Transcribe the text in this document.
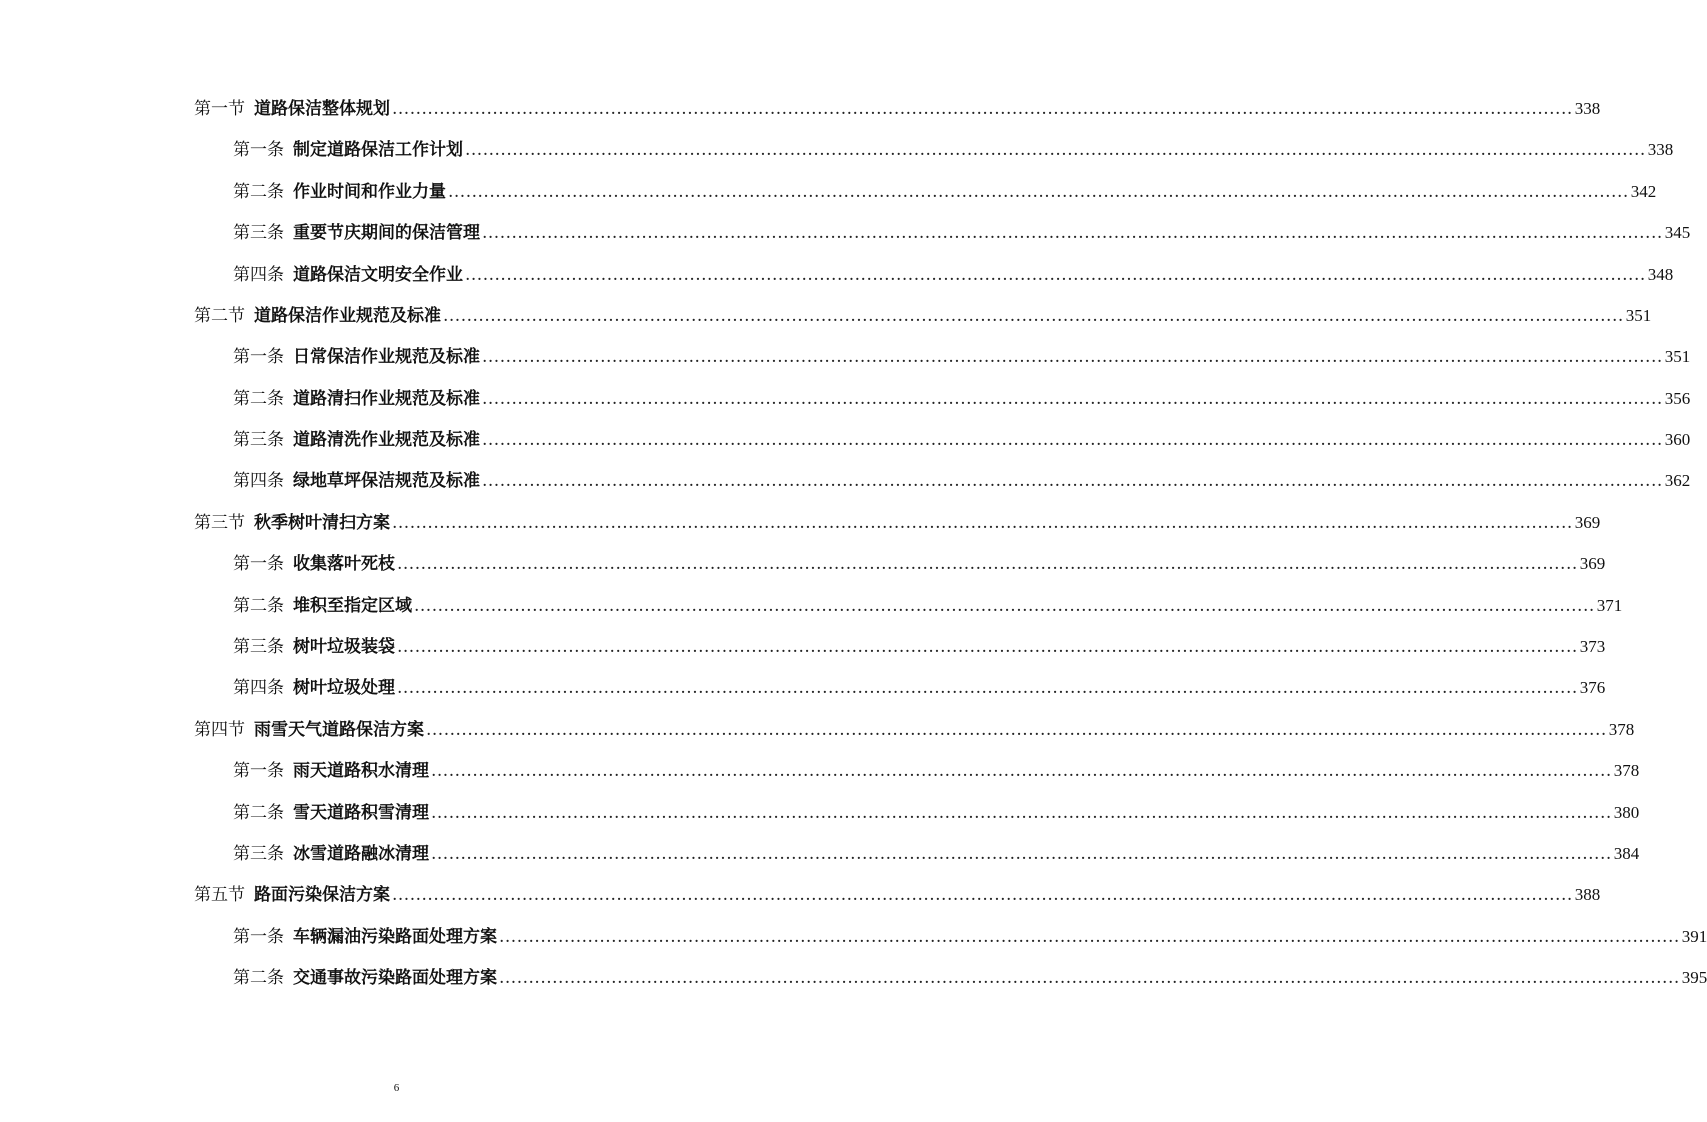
第一节 道路保洁整体规划 ........................................................................................................................................................................................................ 338
第一条 制定道路保洁工作计划 ........................................................................................................................................................................................................ 338
第二条 作业时间和作业力量 ........................................................................................................................................................................................................ 342
第三条 重要节庆期间的保洁管理 ........................................................................................................................................................................................................ 345
第四条 道路保洁文明安全作业 ........................................................................................................................................................................................................ 348
第二节 道路保洁作业规范及标准 ........................................................................................................................................................................................................ 351
第一条 日常保洁作业规范及标准 ........................................................................................................................................................................................................ 351
第二条 道路清扫作业规范及标准 ........................................................................................................................................................................................................ 356
第三条 道路清洗作业规范及标准 ........................................................................................................................................................................................................ 360
第四条 绿地草坪保洁规范及标准 ........................................................................................................................................................................................................ 362
第三节 秋季树叶清扫方案 ........................................................................................................................................................................................................ 369
第一条 收集落叶死枝 ........................................................................................................................................................................................................ 369
第二条 堆积至指定区域 ........................................................................................................................................................................................................ 371
第三条 树叶垃圾装袋 ........................................................................................................................................................................................................ 373
第四条 树叶垃圾处理 ........................................................................................................................................................................................................ 376
第四节 雨雪天气道路保洁方案 ........................................................................................................................................................................................................ 378
第一条 雨天道路积水清理 ........................................................................................................................................................................................................ 378
第二条 雪天道路积雪清理 ........................................................................................................................................................................................................ 380
第三条 冰雪道路融冰清理 ........................................................................................................................................................................................................ 384
第五节 路面污染保洁方案 ........................................................................................................................................................................................................ 388
第一条 车辆漏油污染路面处理方案 ........................................................................................................................................................................................................ 391
第二条 交通事故污染路面处理方案 ........................................................................................................................................................................................................ 395
6
